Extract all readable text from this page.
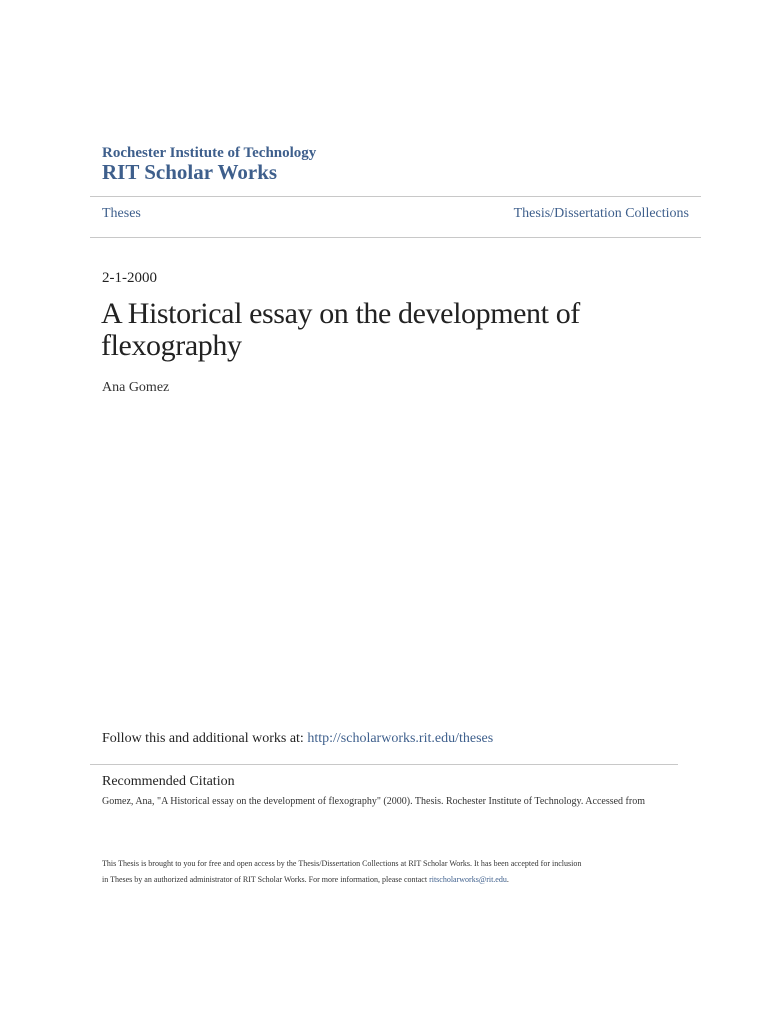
Rochester Institute of Technology
RIT Scholar Works
Theses	Thesis/Dissertation Collections
2-1-2000
A Historical essay on the development of flexography
Ana Gomez
Follow this and additional works at: http://scholarworks.rit.edu/theses
Recommended Citation
Gomez, Ana, "A Historical essay on the development of flexography" (2000). Thesis. Rochester Institute of Technology. Accessed from
This Thesis is brought to you for free and open access by the Thesis/Dissertation Collections at RIT Scholar Works. It has been accepted for inclusion
in Theses by an authorized administrator of RIT Scholar Works. For more information, please contact ritscholarworks@rit.edu.
